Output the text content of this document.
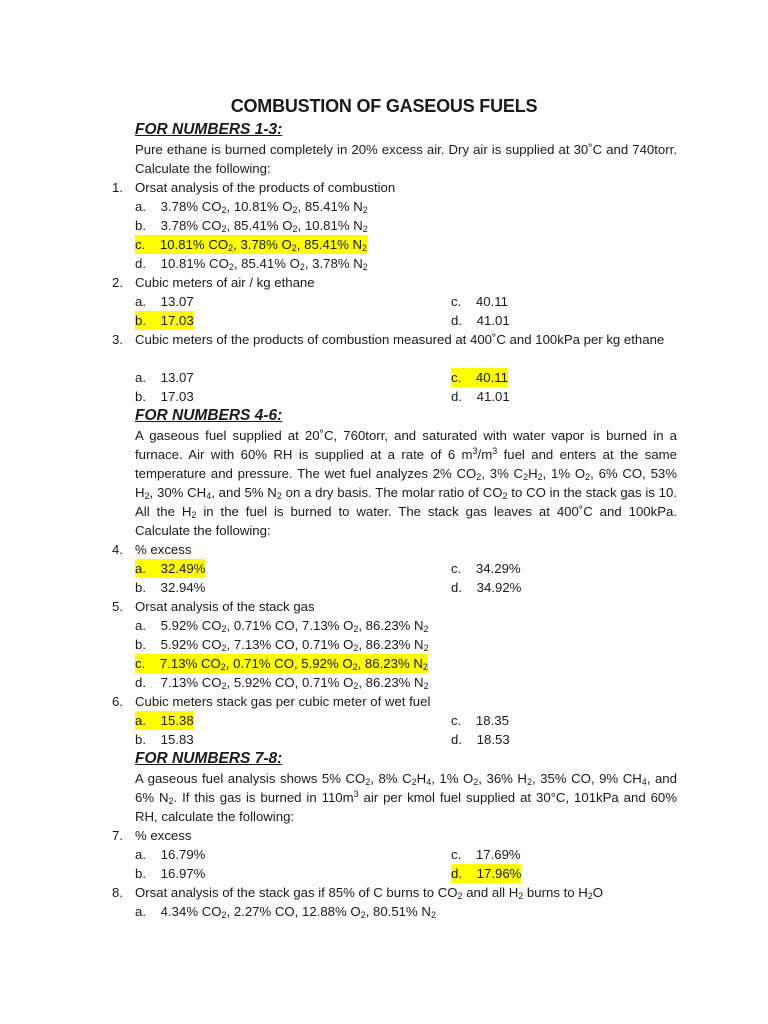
COMBUSTION OF GASEOUS FUELS
FOR NUMBERS 1-3:
Pure ethane is burned completely in 20% excess air. Dry air is supplied at 30˚C and 740torr. Calculate the following:
1. Orsat analysis of the products of combustion
a. 3.78% $CO_2$, 10.81% $O_2$, 85.41% $N_2$
b. 3.78% $CO_2$, 85.41% $O_2$, 10.81% $N_2$
c. 10.81% $CO_2$, 3.78% $O_2$, 85.41% $N_2$
d. 10.81% $CO_2$, 85.41% $O_2$, 3.78% $N_2$
2. Cubic meters of air / kg ethane
a. 13.07	c. 40.11
b. 17.03	d. 41.01
3. Cubic meters of the products of combustion measured at 400˚C and 100kPa per kg ethane
a. 13.07	c. 40.11
b. 17.03	d. 41.01
FOR NUMBERS 4-6:
A gaseous fuel supplied at 20˚C, 760torr, and saturated with water vapor is burned in a furnace. Air with 60% RH is supplied at a rate of 6 $m^3/m^3$ fuel and enters at the same temperature and pressure. The wet fuel analyzes 2% $CO_2$, 3% $C_2H_2$, 1% $O_2$, 6% CO, 53% $H_2$, 30% $CH_4$, and 5% $N_2$ on a dry basis. The molar ratio of $CO_2$ to CO in the stack gas is 10. All the $H_2$ in the fuel is burned to water. The stack gas leaves at 400˚C and 100kPa. Calculate the following:
4. % excess
a. 32.49%	c. 34.29%
b. 32.94%	d. 34.92%
5. Orsat analysis of the stack gas
a. 5.92% $CO_2$, 0.71% CO, 7.13% $O_2$, 86.23% $N_2$
b. 5.92% $CO_2$, 7.13% CO, 0.71% $O_2$, 86.23% $N_2$
c. 7.13% $CO_2$, 0.71% CO, 5.92% $O_2$, 86.23% $N_2$
d. 7.13% $CO_2$, 5.92% CO, 0.71% $O_2$, 86.23% $N_2$
6. Cubic meters stack gas per cubic meter of wet fuel
a. 15.38	c. 18.35
b. 15.83	d. 18.53
FOR NUMBERS 7-8:
A gaseous fuel analysis shows 5% $CO_2$, 8% $C_2H_4$, 1% $O_2$, 36% $H_2$, 35% CO, 9% $CH_4$, and 6% $N_2$. If this gas is burned in $110m^3$ air per kmol fuel supplied at 30°C, 101kPa and 60% RH, calculate the following:
7. % excess
a. 16.79%	c. 17.69%
b. 16.97%	d. 17.96%
8. Orsat analysis of the stack gas if 85% of C burns to $CO_2$ and all $H_2$ burns to $H_2O$
a. 4.34% $CO_2$, 2.27% CO, 12.88% $O_2$, 80.51% $N_2$
